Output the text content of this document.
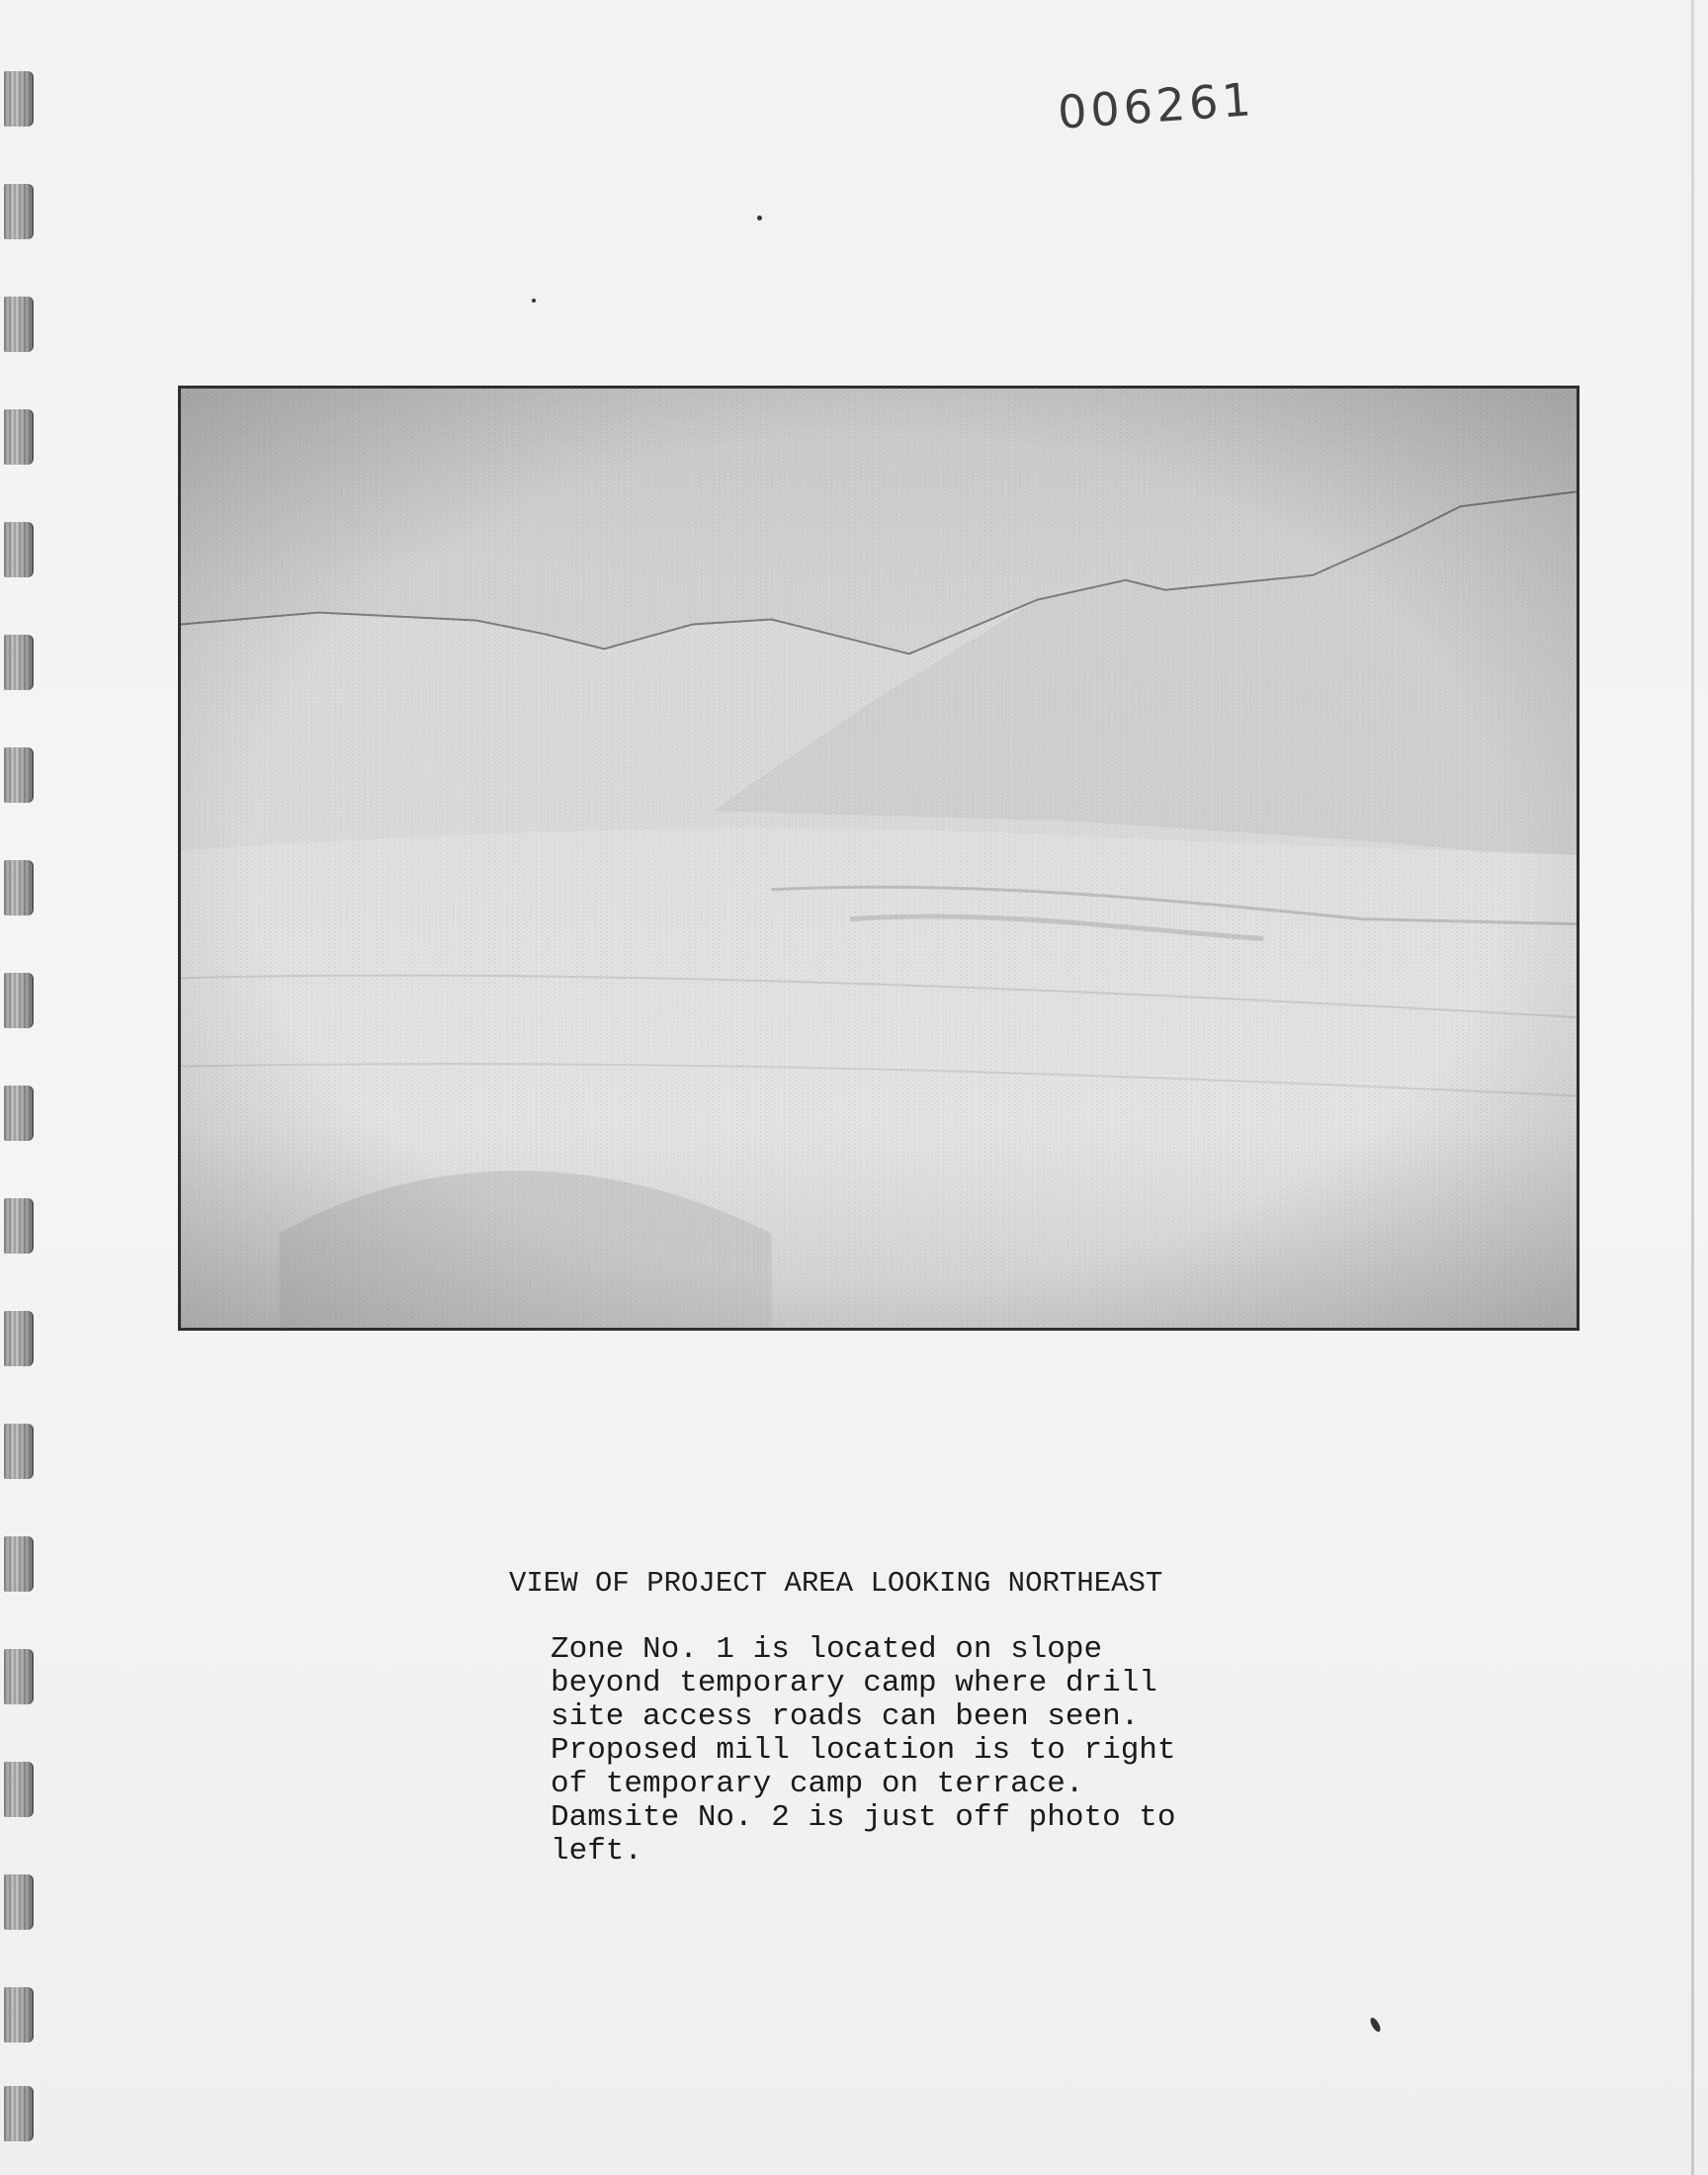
006261
VIEW OF PROJECT AREA LOOKING NORTHEAST
Zone No. 1 is located on slope
beyond temporary camp where drill
site access roads can been seen.
Proposed mill location is to right
of temporary camp on terrace.
Damsite No. 2 is just off photo to
left.
